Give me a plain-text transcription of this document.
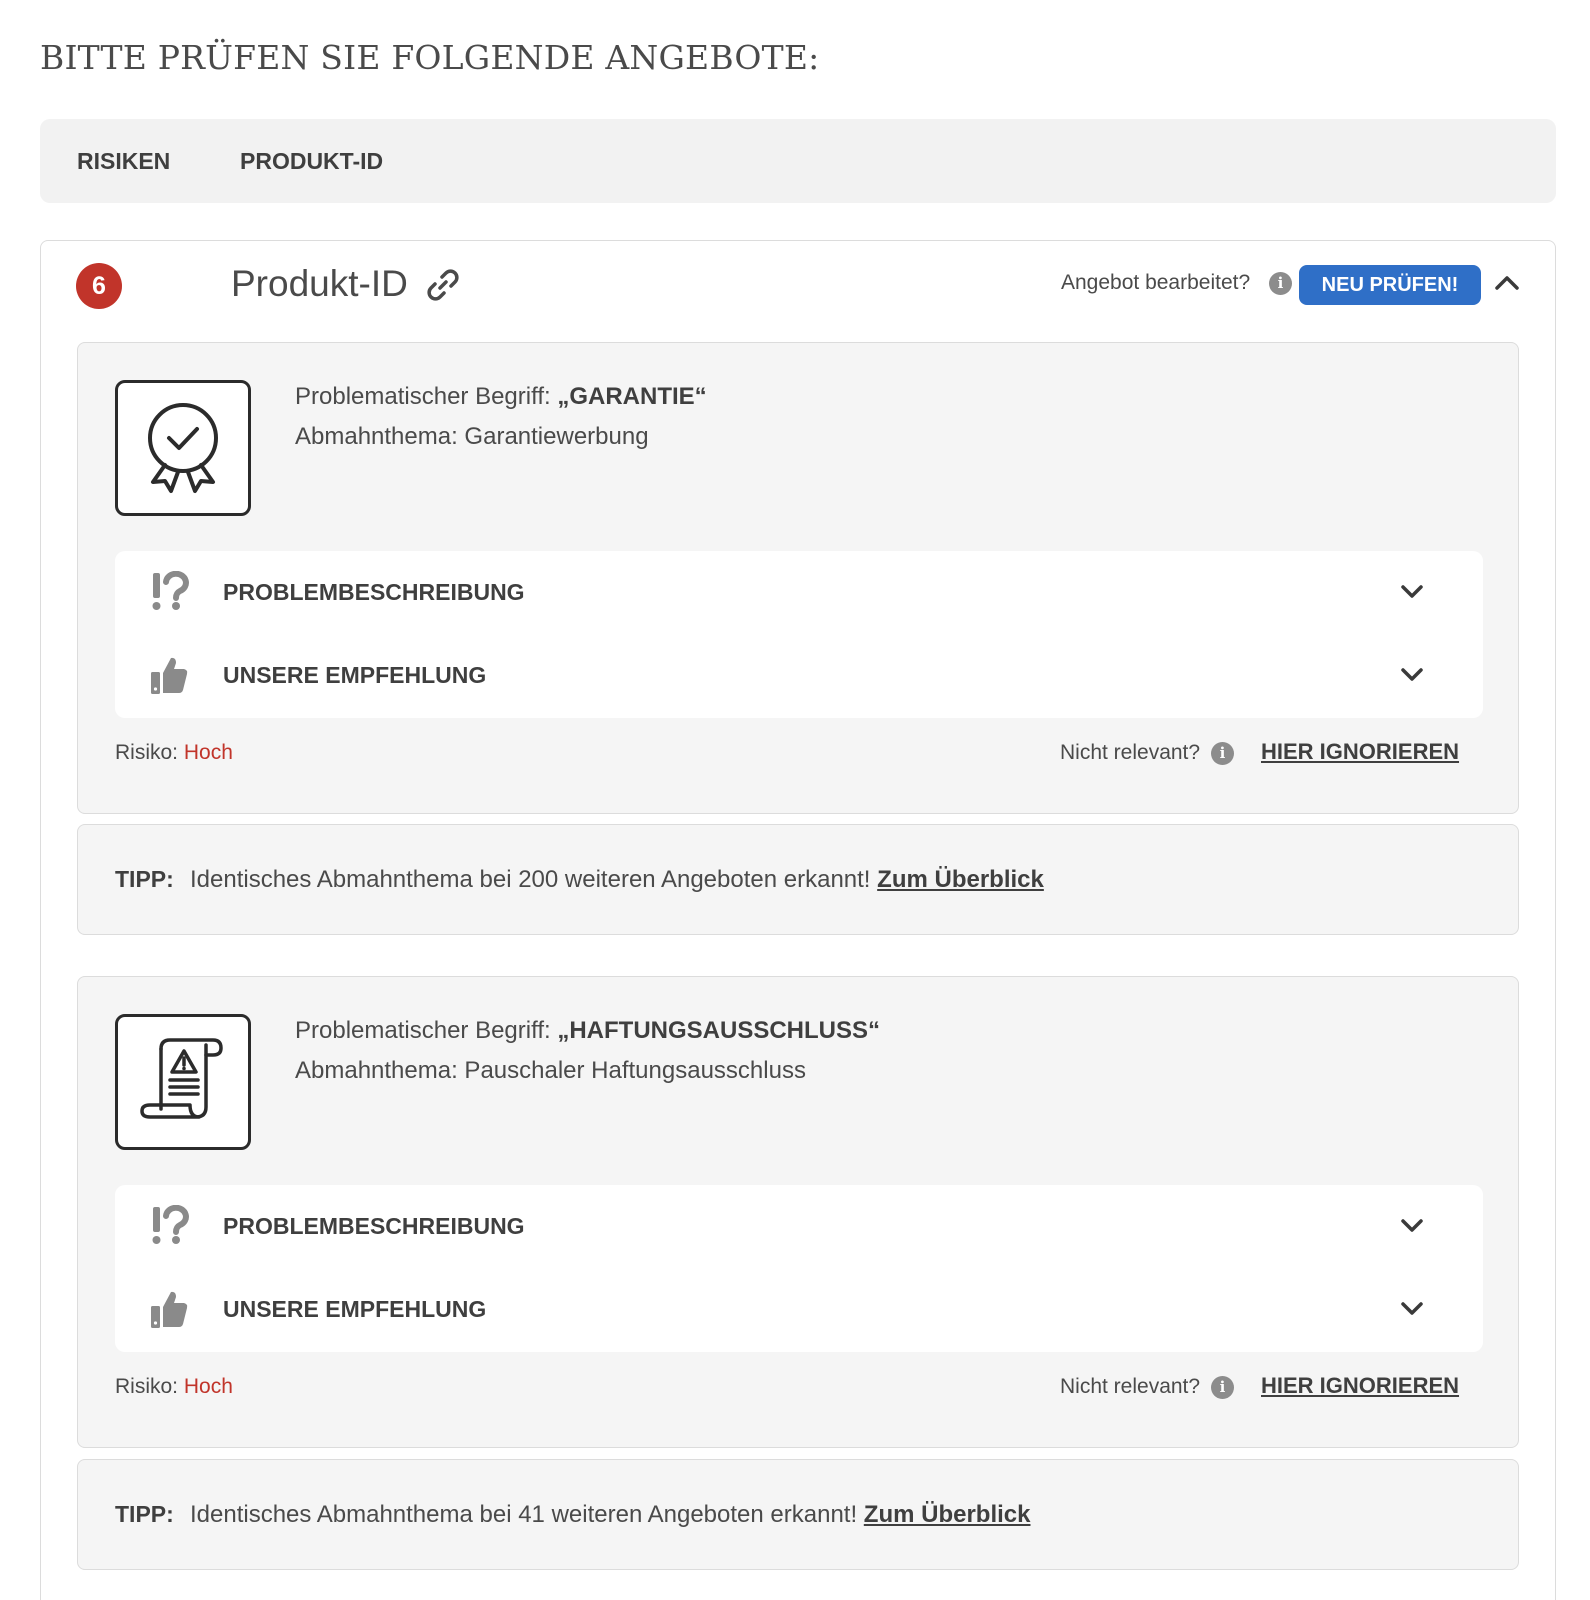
BITTE PRÜFEN SIE FOLGENDE ANGEBOTE:
RISIKEN	PRODUKT-ID
6	Produkt-ID	Angebot bearbeitet?	i	NEU PRÜFEN!
Problematischer Begriff: „GARANTIE“
Abmahnthema: Garantiewerbung
PROBLEMBESCHREIBUNG
UNSERE EMPFEHLUNG
Risiko: Hoch	Nicht relevant?	i	HIER IGNORIEREN
TIPP: Identisches Abmahnthema bei 200 weiteren Angeboten erkannt! Zum Überblick
Problematischer Begriff: „HAFTUNGSAUSSCHLUSS“
Abmahnthema: Pauschaler Haftungsausschluss
PROBLEMBESCHREIBUNG
UNSERE EMPFEHLUNG
Risiko: Hoch	Nicht relevant?	i	HIER IGNORIEREN
TIPP: Identisches Abmahnthema bei 41 weiteren Angeboten erkannt! Zum Überblick
